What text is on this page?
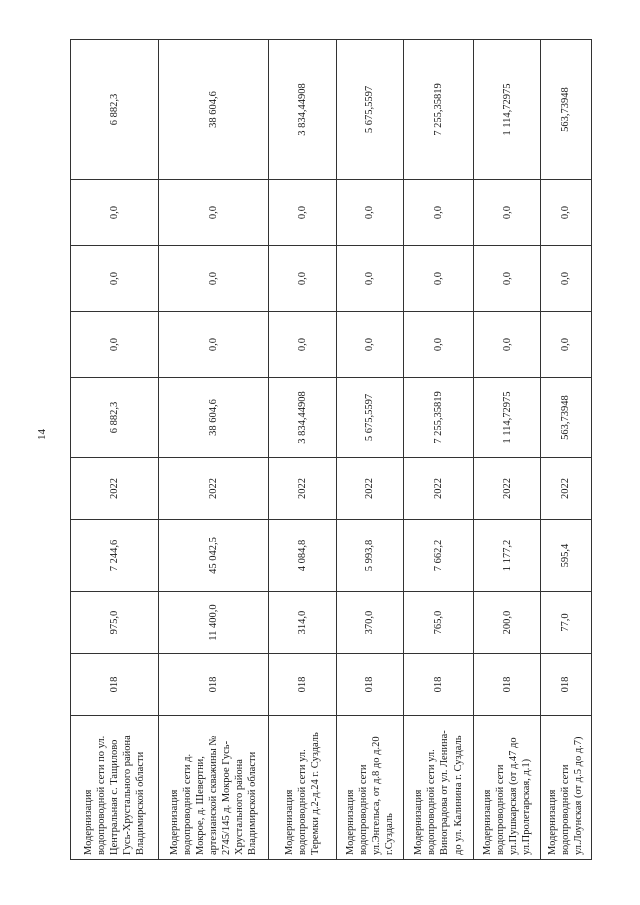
14
Модернизация водопроводной сети по ул. Центральная с. Тащилово Гусь-Хрустального района Владимирской области	018	975,0	7 244,6	2022	6 882,3	0,0	0,0	0,0	6 882,3
Модернизация водопроводной сети д. Мокрое, д. Шевертни, артезианской скважины № 2745/145 д. Мокрое Гусь-Хрустального района Владимирской области	018	11 400,0	45 042,5	2022	38 604,6	0,0	0,0	0,0	38 604,6
Модернизация водопроводной сети ул. Теремки д.2-д.24 г. Суздаль	018	314,0	4 084,8	2022	3 834,44908	0,0	0,0	0,0	3 834,44908
Модернизация водопроводной сети ул.Энгельса, от д.8 до д.20 г.Суздаль	018	370,0	5 993,8	2022	5 675,5597	0,0	0,0	0,0	5 675,5597
Модернизация водопроводной сети ул. Виноградова от ул. Ленина- до ул. Калинина г. Суздаль	018	765,0	7 662,2	2022	7 255,35819	0,0	0,0	0,0	7 255,35819
Модернизация водопроводной сети ул.Пушкарская (от д.47 до ул.Пролетарская, д.1)	018	200,0	1 177,2	2022	1 114,72975	0,0	0,0	0,0	1 114,72975
Модернизация водопроводной сети ул.Лоунская (от д.5 до д.7)	018	77,0	595,4	2022	563,73948	0,0	0,0	0,0	563,73948
